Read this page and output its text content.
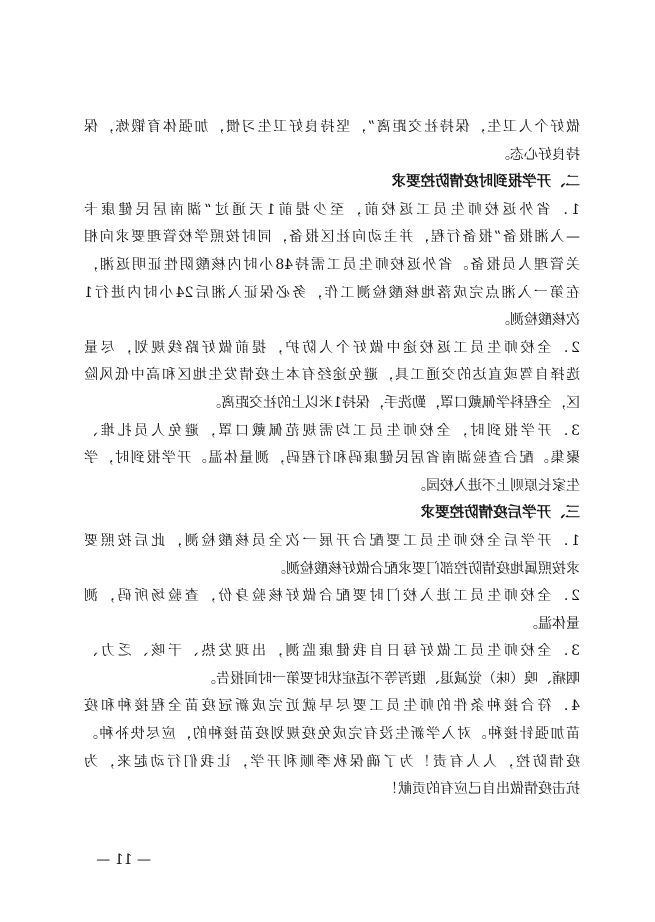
做好个人卫生，保持社交距离”，坚持良好卫生习惯，加强体育锻炼，保
持良好心态。
二、开学报到时疫情防控要求
1．省外返校师生员工返校前，至少提前1天通过“湖南居民健康卡
—入湘报备”报备行程，并主动向社区报备，同时按照学校管理要求向相
关管理人员报备。省外返校师生员工需持48小时内核酸阴性证明返湘，
在第一入湘点完成落地核酸检测工作，务必保证入湘后24小时内进行1
次核酸检测。
2．全校师生员工返校途中做好个人防护，提前做好路线规划，尽量
选择自驾或直达的交通工具，避免途经有本土疫情发生地区和高中低风险
区，全程科学佩戴口罩，勤洗手，保持1米以上的社交距离。
3．开学报到时，全校师生员工均需规范佩戴口罩，避免人员扎堆、
聚集。配合查验湖南省居民健康码和行程码，测量体温。开学报到时，学
生家长原则上不进入校园。
三、开学后疫情防控要求
1．开学后全校师生员工要配合开展一次全员核酸检测，此后按照要
求按照属地疫情防控部门要求配合做好核酸检测。
2．全校师生员工进入校门时要配合做好核验身份，查验场所码，测
量体温。
3．全校师生员工做好每日自我健康监测，出现发热、干咳、乏力、
咽痛、嗅（味）觉减退、腹泻等不适症状时要第一时间报告。
4．符合接种条件的师生员工要尽早就近完成新冠疫苗全程接种和疫
苗加强针接种。对入学新生没有完成免疫规划疫苗接种的，应尽快补种。
疫情防控，人人有责！为了确保秋季顺利开学，让我们行动起来，为
抗击疫情做出自己应有的贡献！
— 11 —
